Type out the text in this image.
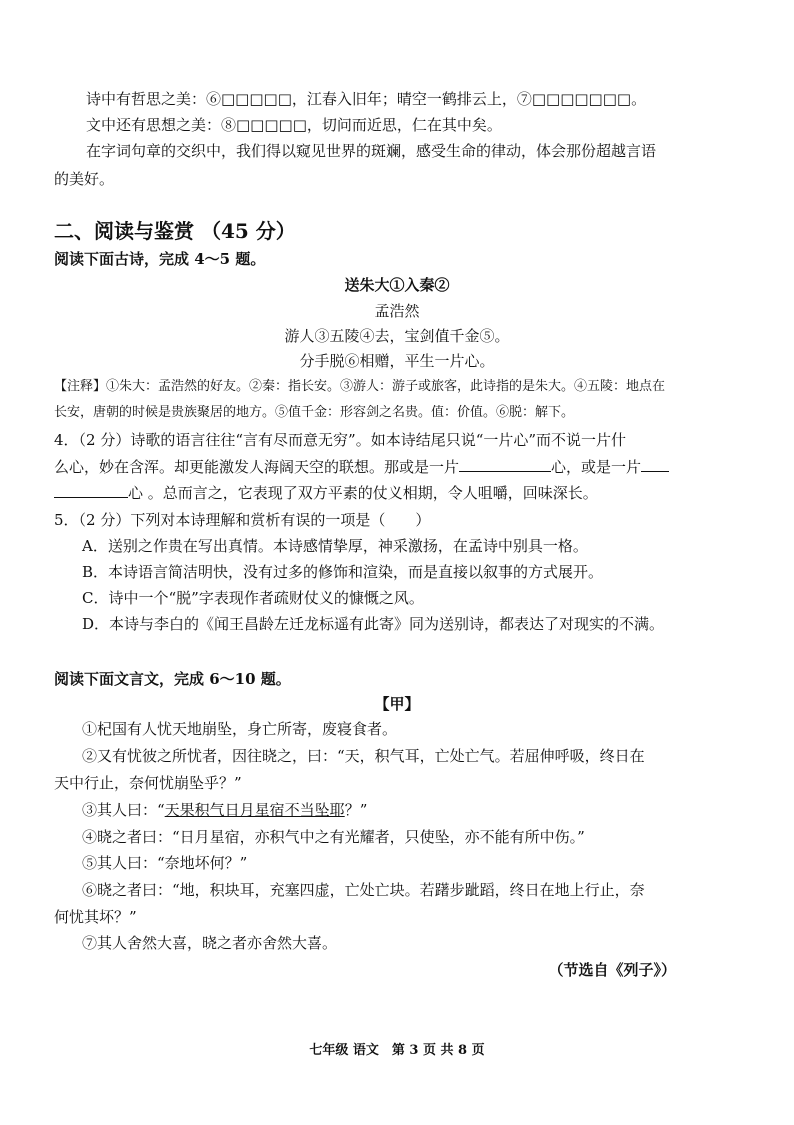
诗中有哲思之美：⑥□□□□□，江春入旧年；晴空一鹤排云上，⑦□□□□□□□。
文中还有思想之美：⑧□□□□□，切问而近思，仁在其中矣。
在字词句章的交织中，我们得以窥见世界的斑斓，感受生命的律动，体会那份超越言语
的美好。
二、阅读与鉴赏 （45 分）
阅读下面古诗，完成 4～5 题。
送朱大①入秦②
孟浩然
游人③五陵④去，宝剑值千金⑤。
分手脱⑥相赠，平生一片心。
【注释】①朱大：孟浩然的好友。②秦：指长安。③游人：游子或旅客，此诗指的是朱大。④五陵：地点在
长安，唐朝的时候是贵族聚居的地方。⑤值千金：形容剑之名贵。值：价值。⑥脱：解下。
4．（2 分）诗歌的语言往往“言有尽而意无穷”。如本诗结尾只说“一片心”而不说一片什
么心，妙在含浑。却更能激发人海阔天空的联想。那或是一片	心，或是一片
心 。总而言之，它表现了双方平素的仗义相期，令人咀嚼，回味深长。
5．（2 分）下列对本诗理解和赏析有误的一项是（　　）
A．送别之作贵在写出真情。本诗感情挚厚，神采激扬，在孟诗中别具一格。
B．本诗语言简洁明快，没有过多的修饰和渲染，而是直接以叙事的方式展开。
C．诗中一个“脱”字表现作者疏财仗义的慷慨之风。
D．本诗与李白的《闻王昌龄左迁龙标遥有此寄》同为送别诗，都表达了对现实的不满。
阅读下面文言文，完成 6～10 题。
【甲】
①杞国有人忧天地崩坠，身亡所寄，废寝食者。
②又有忧彼之所忧者，因往晓之，曰：“天，积气耳，亡处亡气。若屈伸呼吸，终日在
天中行止，奈何忧崩坠乎？”
③其人曰：“天果积气日月星宿不当坠耶？”
④晓之者曰：“日月星宿，亦积气中之有光耀者，只使坠，亦不能有所中伤。”
⑤其人曰：“奈地坏何？”
⑥晓之者曰：“地，积块耳，充塞四虚，亡处亡块。若躇步跐蹈，终日在地上行止，奈
何忧其坏？”
⑦其人舍然大喜，晓之者亦舍然大喜。
（节选自《列子》）
七年级 语文　第 3 页 共 8 页
